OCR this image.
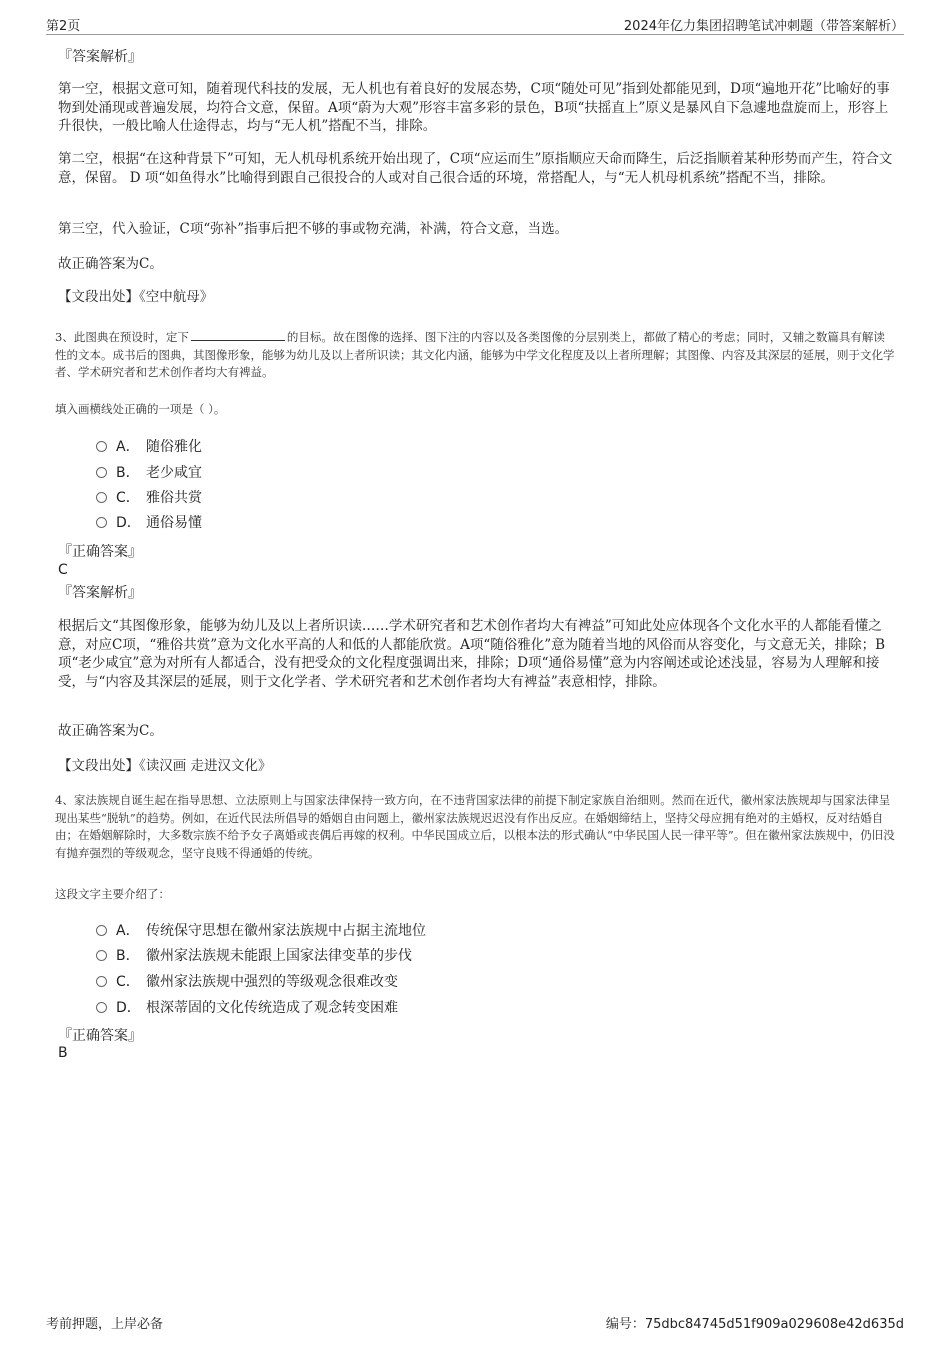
第2页	2024年亿力集团招聘笔试冲刺题（带答案解析）
『答案解析』

第一空，根据文意可知，随着现代科技的发展，无人机也有着良好的发展态势，C项“随处可见”指到处都能见到，D项“遍地开花”比喻好的事物到处涌现或普遍发展，均符合文意，保留。A项“蔚为大观”形容丰富多彩的景色，B项“扶摇直上”原义是暴风自下急遽地盘旋而上，形容上升很快，一般比喻人仕途得志，均与“无人机”搭配不当，排除。

第二空，根据“在这种背景下”可知，无人机母机系统开始出现了，C项“应运而生”原指顺应天命而降生，后泛指顺着某种形势而产生，符合文意，保留。 D 项“如鱼得水”比喻得到跟自己很投合的人或对自己很合适的环境，常搭配人，与“无人机母机系统”搭配不当，排除。

第三空，代入验证，C项“弥补”指事后把不够的事或物充满，补满，符合文意，当选。

故正确答案为C。

【文段出处】《空中航母》

3、此图典在预设时，定下	的目标。故在图像的选择、图下注的内容以及各类图像的分层别类上，都做了精心的考虑；同时，又辅之数篇具有解读性的文本。成书后的图典，其图像形象，能够为幼儿及以上者所识读；其文化内涵，能够为中学文化程度及以上者所理解；其图像、内容及其深层的延展，则于文化学者、学术研究者和艺术创作者均大有裨益。

填入画横线处正确的一项是（ ）。
A． 随俗雅化
B． 老少咸宜
C． 雅俗共赏
D． 通俗易懂
『正确答案』
C
『答案解析』

根据后文“其图像形象，能够为幼儿及以上者所识读……学术研究者和艺术创作者均大有裨益”可知此处应体现各个文化水平的人都能看懂之意，对应C项，“雅俗共赏”意为文化水平高的人和低的人都能欣赏。A项“随俗雅化”意为随着当地的风俗而从容变化，与文意无关，排除；B项“老少咸宜”意为对所有人都适合，没有把受众的文化程度强调出来，排除；D项“通俗易懂”意为内容阐述或论述浅显，容易为人理解和接受，与“内容及其深层的延展，则于文化学者、学术研究者和艺术创作者均大有裨益”表意相悖，排除。

故正确答案为C。

【文段出处】《读汉画 走进汉文化》

4、家法族规自诞生起在指导思想、立法原则上与国家法律保持一致方向，在不违背国家法律的前提下制定家族自治细则。然而在近代，徽州家法族规却与国家法律呈现出某些“脱轨”的趋势。例如，在近代民法所倡导的婚姻自由问题上，徽州家法族规迟迟没有作出反应。在婚姻缔结上，坚持父母应拥有绝对的主婚权，反对结婚自由；在婚姻解除时，大多数宗族不给予女子离婚或丧偶后再嫁的权利。中华民国成立后，以根本法的形式确认“中华民国人民一律平等”。但在徽州家法族规中，仍旧没有抛弃强烈的等级观念，坚守良贱不得通婚的传统。

这段文字主要介绍了：
A． 传统保守思想在徽州家法族规中占据主流地位
B． 徽州家法族规未能跟上国家法律变革的步伐
C． 徽州家法族规中强烈的等级观念很难改变
D． 根深蒂固的文化传统造成了观念转变困难
『正确答案』
B
考前押题，上岸必备	编号：75dbc84745d51f909a029608e42d635d
